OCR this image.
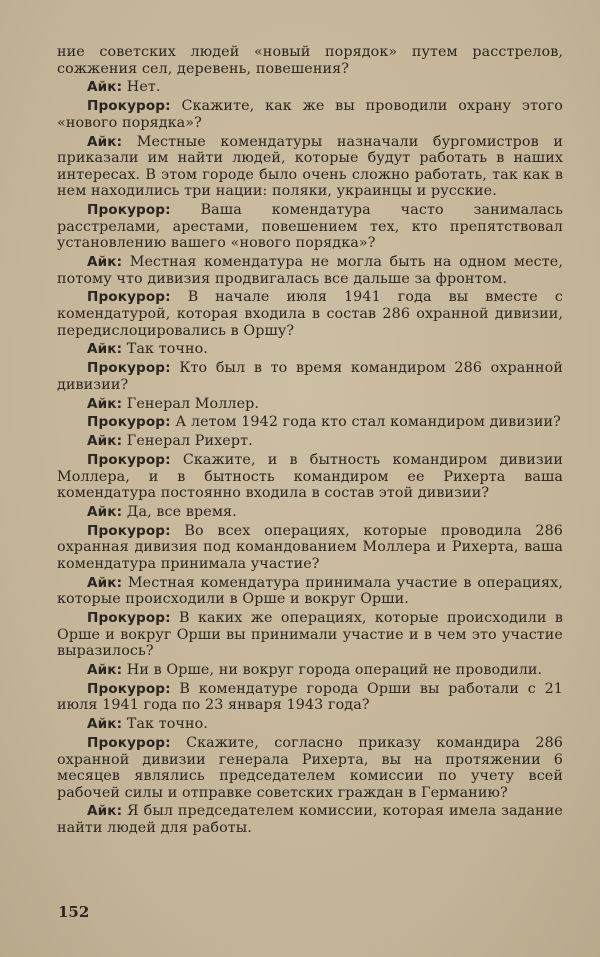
ние советских людей «новый порядок» путем расстрелов, сожжения сел, деревень, повешения?

Айк: Нет.

Прокурор: Скажите, как же вы проводили охрану этого «нового порядка»?

Айк: Местные комендатуры назначали бургомистров и приказали им найти людей, которые будут работать в наших интересах. В этом городе было очень сложно работать, так как в нем находились три нации: поляки, украинцы и русские.

Прокурор: Ваша комендатура часто занималась расстрелами, арестами, повешением тех, кто препятствовал установлению вашего «нового порядка»?

Айк: Местная комендатура не могла быть на одном месте, потому что дивизия продвигалась все дальше за фронтом.

Прокурор: В начале июля 1941 года вы вместе с комендатурой, которая входила в состав 286 охранной дивизии, передислоцировались в Оршу?

Айк: Так точно.

Прокурор: Кто был в то время командиром 286 охранной дивизии?

Айк: Генерал Моллер.

Прокурор: А летом 1942 года кто стал командиром дивизии?

Айк: Генерал Рихерт.

Прокурор: Скажите, и в бытность командиром дивизии Моллера, и в бытность командиром ее Рихерта ваша комендатура постоянно входила в состав этой дивизии?

Айк: Да, все время.

Прокурор: Во всех операциях, которые проводила 286 охранная дивизия под командованием Моллера и Рихерта, ваша комендатура принимала участие?

Айк: Местная комендатура принимала участие в операциях, которые происходили в Орше и вокруг Орши.

Прокурор: В каких же операциях, которые происходили в Орше и вокруг Орши вы принимали участие и в чем это участие выразилось?

Айк: Ни в Орше, ни вокруг города операций не проводили.

Прокурор: В комендатуре города Орши вы работали с 21 июля 1941 года по 23 января 1943 года?

Айк: Так точно.

Прокурор: Скажите, согласно приказу командира 286 охранной дивизии генерала Рихерта, вы на протяжении 6 месяцев являлись председателем комиссии по учету всей рабочей силы и отправке советских граждан в Германию?

Айк: Я был председателем комиссии, которая имела задание найти людей для работы.

152
